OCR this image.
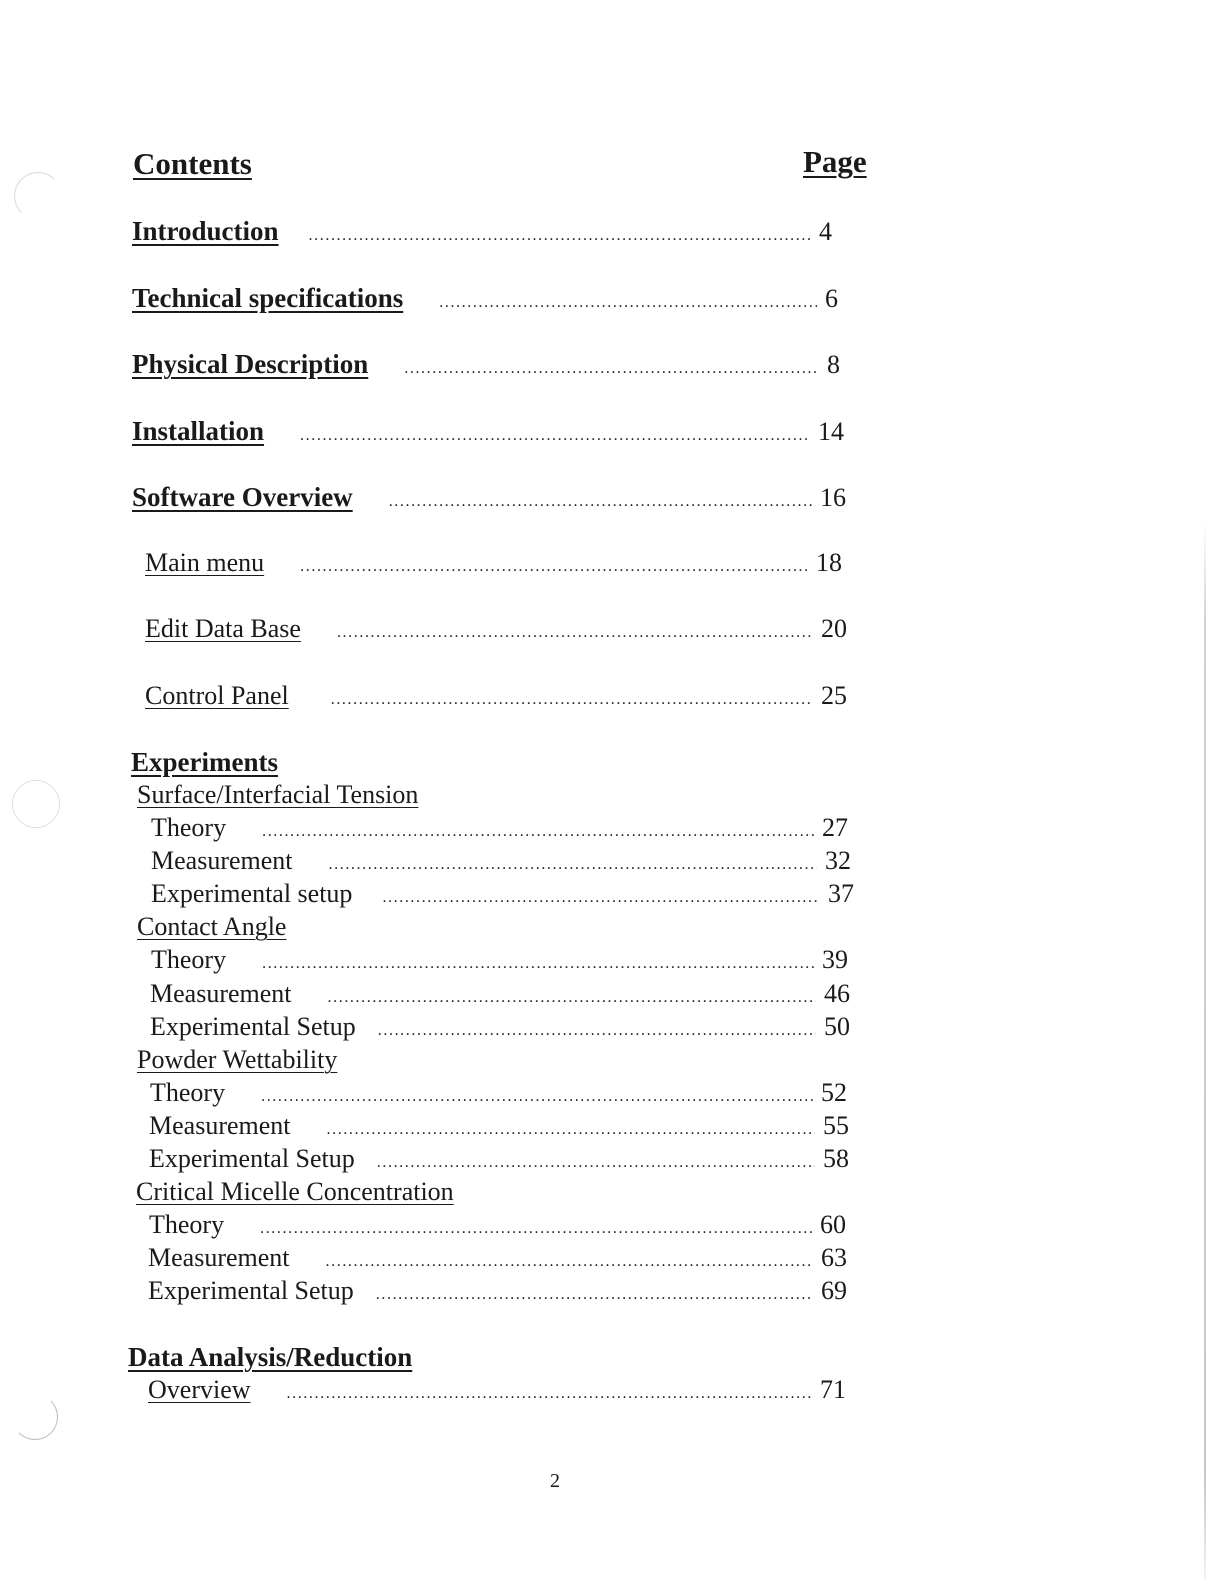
Contents	Page
Introduction .....	4
Technical specifications .....	6
Physical Description .....	8
Installation .....	14
Software Overview .....	16
Main menu .....	18
Edit Data Base .....	20
Control Panel .....	25
Experiments
Surface/Interfacial Tension
Theory .....	27
Measurement .....	32
Experimental setup .....	37
Contact Angle
Theory .....	39
Measurement .....	46
Experimental Setup .....	50
Powder Wettability
Theory .....	52
Measurement .....	55
Experimental Setup .....	58
Critical Micelle Concentration
Theory .....	60
Measurement .....	63
Experimental Setup .....	69
Data Analysis/Reduction
Overview .....	71
2
